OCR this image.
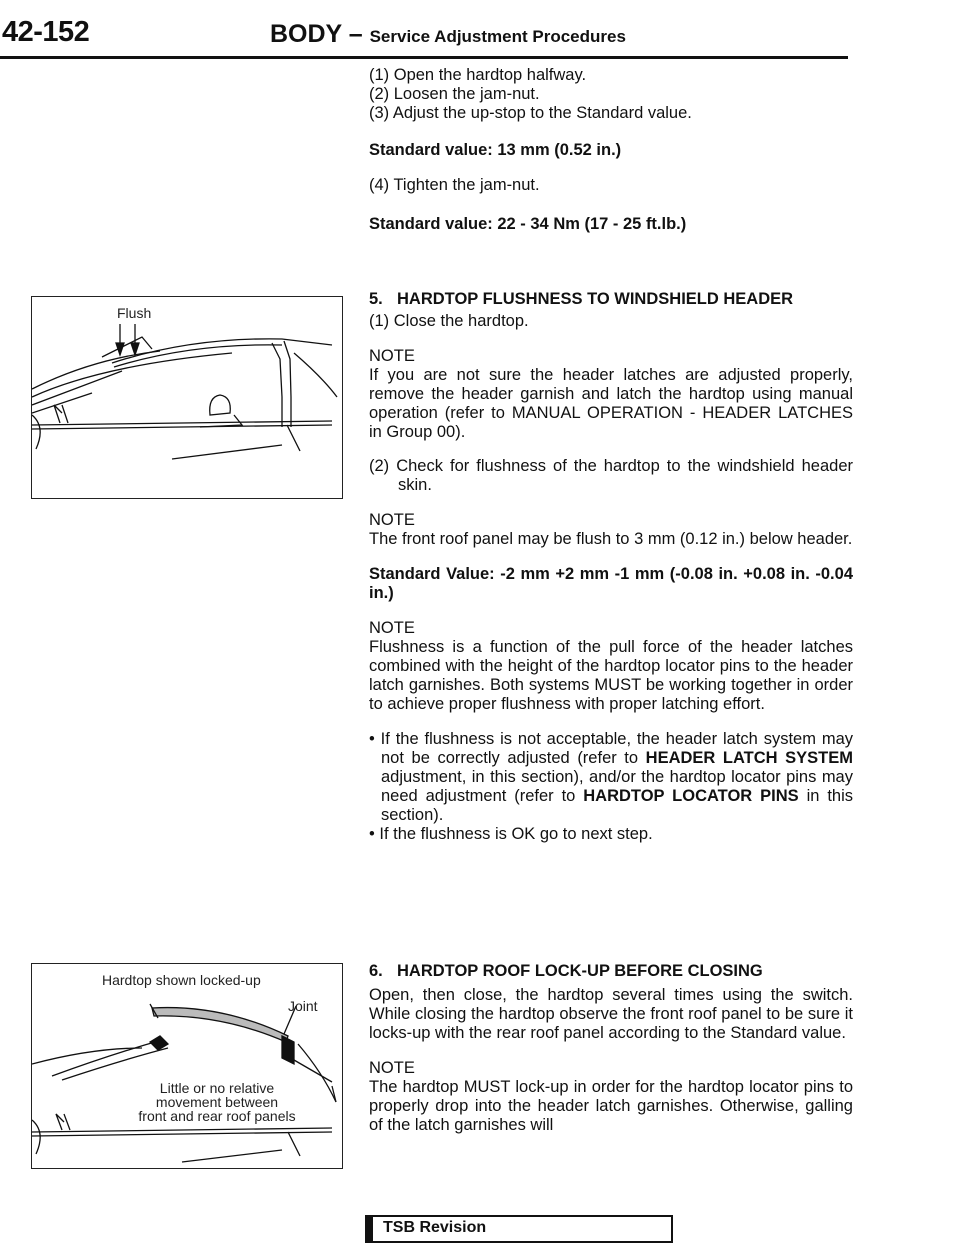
42-152	BODY – Service Adjustment Procedures

(1) Open the hardtop halfway.

(2) Loosen the jam-nut.

(3) Adjust the up-stop to the Standard value.

Standard value: 13 mm (0.52 in.)

(4) Tighten the jam-nut.

Standard value: 22 - 34 Nm (17 - 25 ft.lb.)

5. HARDTOP FLUSHNESS TO WINDSHIELD HEADER

(1) Close the hardtop.

NOTE

If you are not sure the header latches are adjusted properly, remove the header garnish and latch the hardtop using manual operation (refer to MANUAL OPERATION - HEADER LATCHES in Group 00).

(2) Check for flushness of the hardtop to the windshield header skin.

NOTE

The front roof panel may be flush to 3 mm (0.12 in.) below header.

Standard Value: -2 mm +2 mm -1 mm (-0.08 in. +0.08 in. -0.04 in.)

NOTE

Flushness is a function of the pull force of the header latches combined with the height of the hardtop locator pins to the header latch garnishes. Both systems MUST be working together in order to achieve proper flushness with proper latching effort.

• If the flushness is not acceptable, the header latch system may not be correctly adjusted (refer to HEADER LATCH SYSTEM adjustment, in this section), and/or the hardtop locator pins may need adjustment (refer to HARDTOP LOCATOR PINS in this section).

• If the flushness is OK go to next step.

6. HARDTOP ROOF LOCK-UP BEFORE CLOSING

Open, then close, the hardtop several times using the switch. While closing the hardtop observe the front roof panel to be sure it locks-up with the rear roof panel according to the Standard value.

NOTE

The hardtop MUST lock-up in order for the hardtop locator pins to properly drop into the header latch garnishes. Otherwise, galling of the latch garnishes will

Flush
Hardtop shown locked-up
Joint
Little or no relative
movement between
front and rear roof panels
TSB Revision
